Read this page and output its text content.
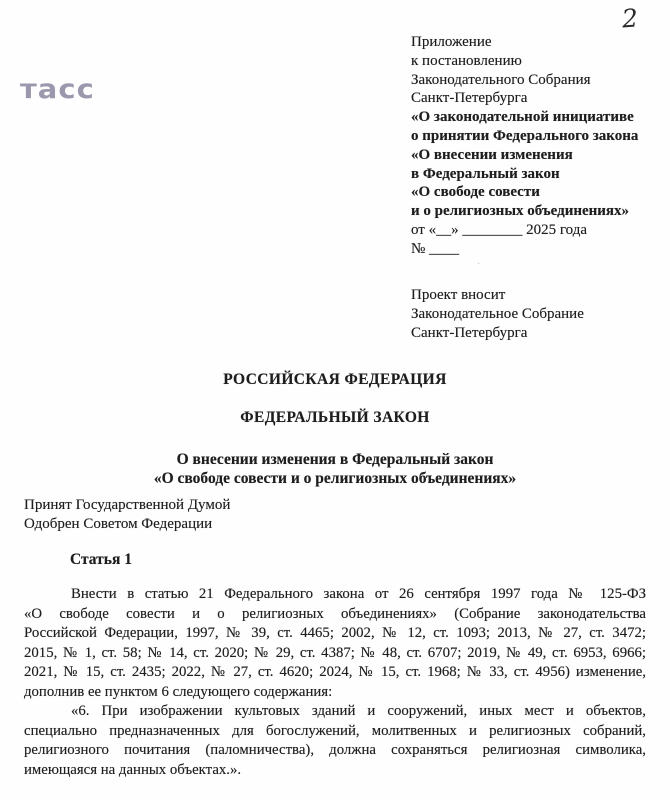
2
тасс
Приложение
к постановлению
Законодательного Собрания
Санкт-Петербурга
«О законодательной инициативе
о принятии Федерального закона
«О внесении изменения
в Федеральный закон
«О свободе совести
и о религиозных объединениях»
от «__» ________ 2025 года
№ ____
·
Проект вносит
Законодательное Собрание
Санкт-Петербурга
РОССИЙСКАЯ ФЕДЕРАЦИЯ
ФЕДЕРАЛЬНЫЙ ЗАКОН
О внесении изменения в Федеральный закон
«О свободе совести и о религиозных объединениях»
Принят Государственной Думой
Одобрен Советом Федерации
Статья 1
Внести в статью 21 Федерального закона от 26 сентября 1997 года № 125-ФЗ
«О свободе совести и о религиозных объединениях» (Собрание законодательства
Российской Федерации, 1997, № 39, ст. 4465; 2002, № 12, ст. 1093; 2013, № 27, ст. 3472;
2015, № 1, ст. 58; № 14, ст. 2020; № 29, ст. 4387; № 48, ст. 6707; 2019, № 49, ст. 6953, 6966;
2021, № 15, ст. 2435; 2022, № 27, ст. 4620; 2024, № 15, ст. 1968; № 33, ст. 4956) изменение,
дополнив ее пунктом 6 следующего содержания:
«6. При изображении культовых зданий и сооружений, иных мест и объектов,
специально предназначенных для богослужений, молитвенных и религиозных собраний,
религиозного почитания (паломничества), должна сохраняться религиозная символика,
имеющаяся на данных объектах.».
